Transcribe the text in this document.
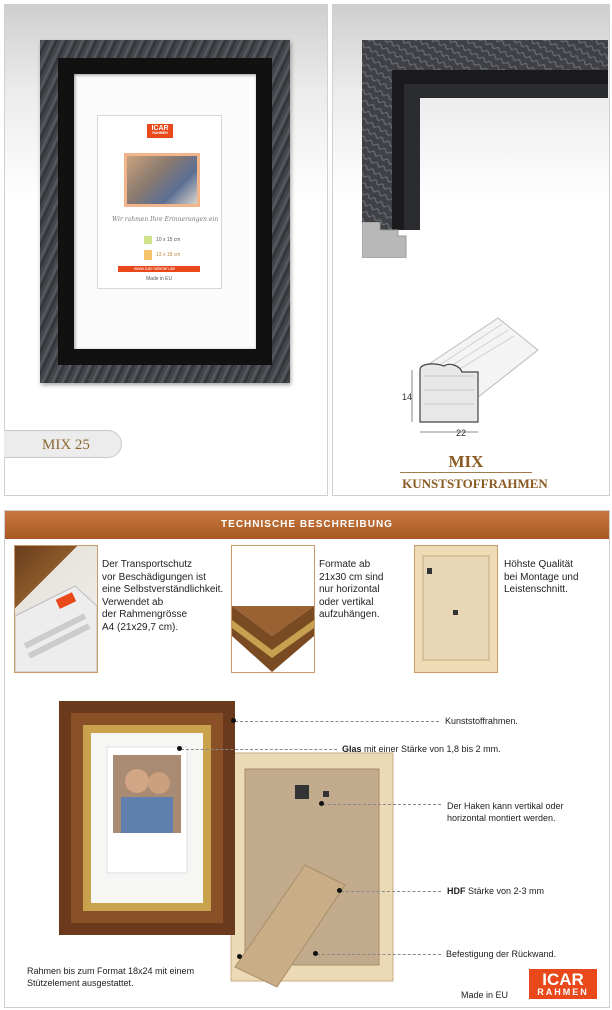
ICAR
RAHMEN
Wir rahmen Ihre Erinnerungen ein
10 x 15 cm
13 x 18 cm
www.icar-rahmen.de
Made in EU
MIX 25
14
22
MIX
KUNSTSTOFFRAHMEN
TECHNISCHE BESCHREIBUNG
Der Transportschutz
vor Beschädigungen ist
eine Selbstverständlichkeit.
Verwendet ab
der Rahmengrösse
A4 (21x29,7 cm).
Formate ab
21x30 cm sind
nur horizontal
oder vertikal
aufzuhängen.
Höhste Qualität
bei Montage und
Leistenschnitt.
Kunststoffrahmen.
Glas mit einer Stärke von 1,8 bis 2 mm.
Der Haken kann vertikal oder
horizontal montiert werden.
HDF Stärke von 2-3 mm
Befestigung der Rückwand.
Rahmen bis zum Format 18x24 mit einem
Stützelement ausgestattet.
Made in EU
ICAR
RAHMEN
